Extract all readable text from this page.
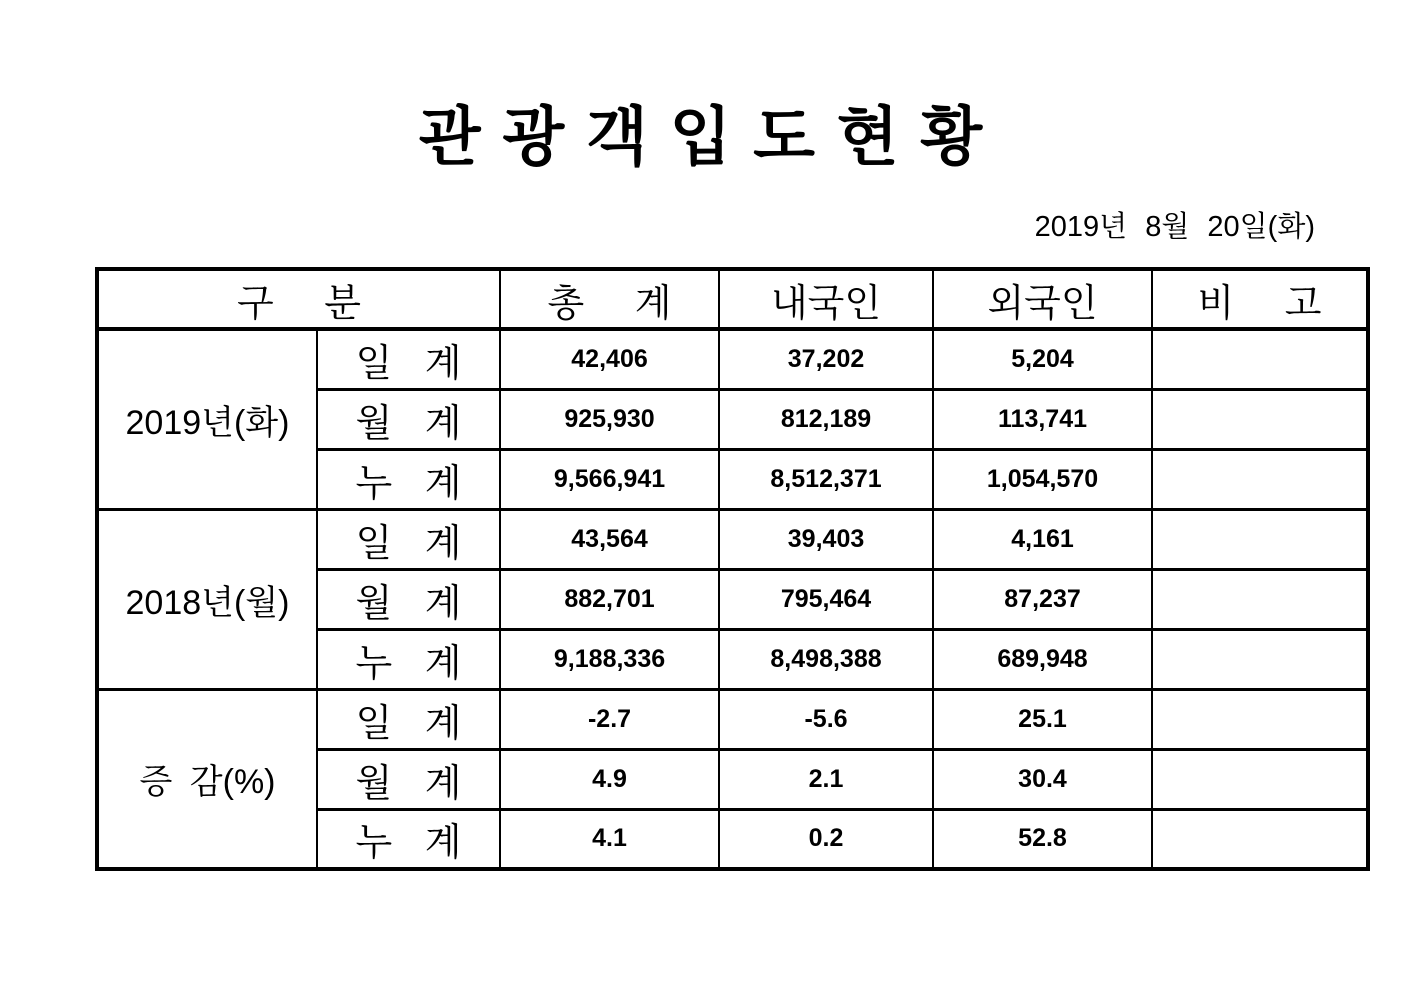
관 광 객 입 도 현 황
2019년 8월 20일(화)
구 분		총 계	내국인	외국인	비 고
2019년(화)	일 계	42,406	37,202	5,204	
	월 계	925,930	812,189	113,741	
	누 계	9,566,941	8,512,371	1,054,570	
2018년(월)	일 계	43,564	39,403	4,161	
	월 계	882,701	795,464	87,237	
	누 계	9,188,336	8,498,388	689,948	
증 감(%)	일 계	-2.7	-5.6	25.1	
	월 계	4.9	2.1	30.4	
	누 계	4.1	0.2	52.8	
